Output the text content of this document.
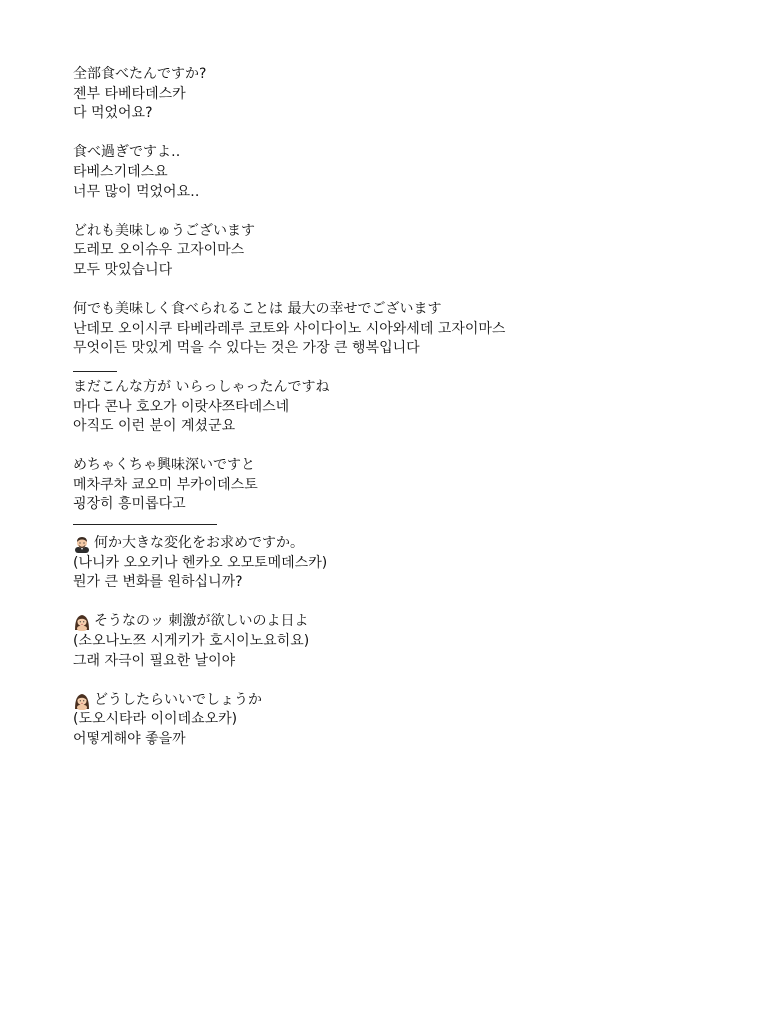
全部食べたんですか?
젠부 타베타데스카
다 먹었어요?
食べ過ぎですよ‥
타베스기데스요
너무 많이 먹었어요‥
どれも美味しゅうございます
도레모 오이슈우 고자이마스
모두 맛있습니다
何でも美味しく食べられることは 最大の幸せでございます
난데모 오이시쿠 타베라레루 코토와 사이다이노 시아와세데 고자이마스
무엇이든 맛있게 먹을 수 있다는 것은 가장 큰 행복입니다
まだこんな方が いらっしゃったんですね
마다 콘나 호오가 이랏샤쯔타데스네
아직도 이런 분이 계셨군요
めちゃくちゃ興味深いですと
메차쿠차 쿄오미 부카이데스토
굉장히 흥미롭다고
何か大きな変化をお求めですか。
(나니카 오오키나 헨카오 오모토메데스카)
뭔가 큰 변화를 원하십니까?
そうなのッ 刺激が欲しいのよ日よ
(소오나노쯔 시게키가 호시이노요히요)
그래 자극이 필요한 날이야
どうしたらいいでしょうか
(도오시타라 이이데쇼오카)
어떻게해야 좋을까
